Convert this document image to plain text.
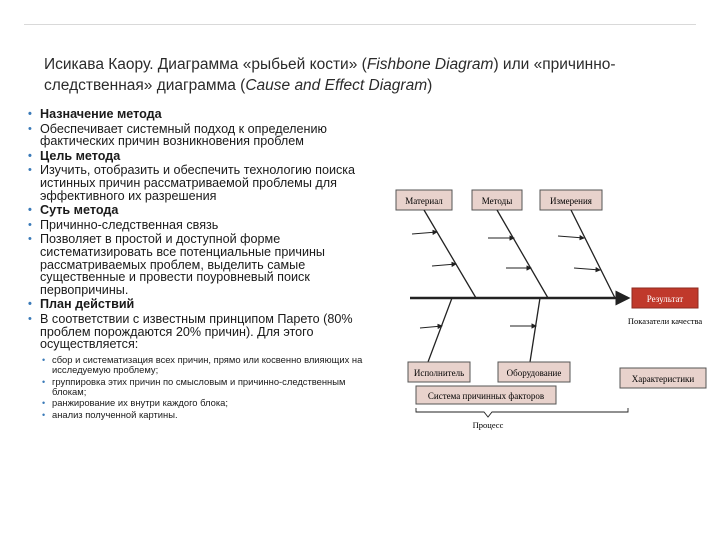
Исикава Каору. Диаграмма «рыбьей кости» (Fishbone Diagram) или «причинно-следственная» диаграмма (Cause and Effect Diagram)
• Назначение метода
• Обеспечивает системный подход к определению фактических причин возникновения проблем
• Цель метода
• Изучить, отобразить и обеспечить технологию поиска истинных причин рассматриваемой проблемы для эффективного их разрешения
• Суть метода
• Причинно-следственная связь
• Позволяет в простой и доступной форме систематизировать все потенциальные причины рассматриваемых проблем, выделить самые существенные и провести поуровневый поиск первопричины.
• План действий
• В соответствии с известным принципом Парето (80% проблем порождаются 20% причин). Для этого осуществляется:
• сбор и систематизация всех причин, прямо или косвенно влияющих на исследуемую проблему;
• группировка этих причин по смысловым и причинно-следственным блокам;
• ранжирование их внутри каждого блока;
• анализ полученной картины.
Материал	Методы	Измерения
Результат
Показатели качества
Исполнитель	Оборудование
Характеристики
Система причинных факторов
Процесс
